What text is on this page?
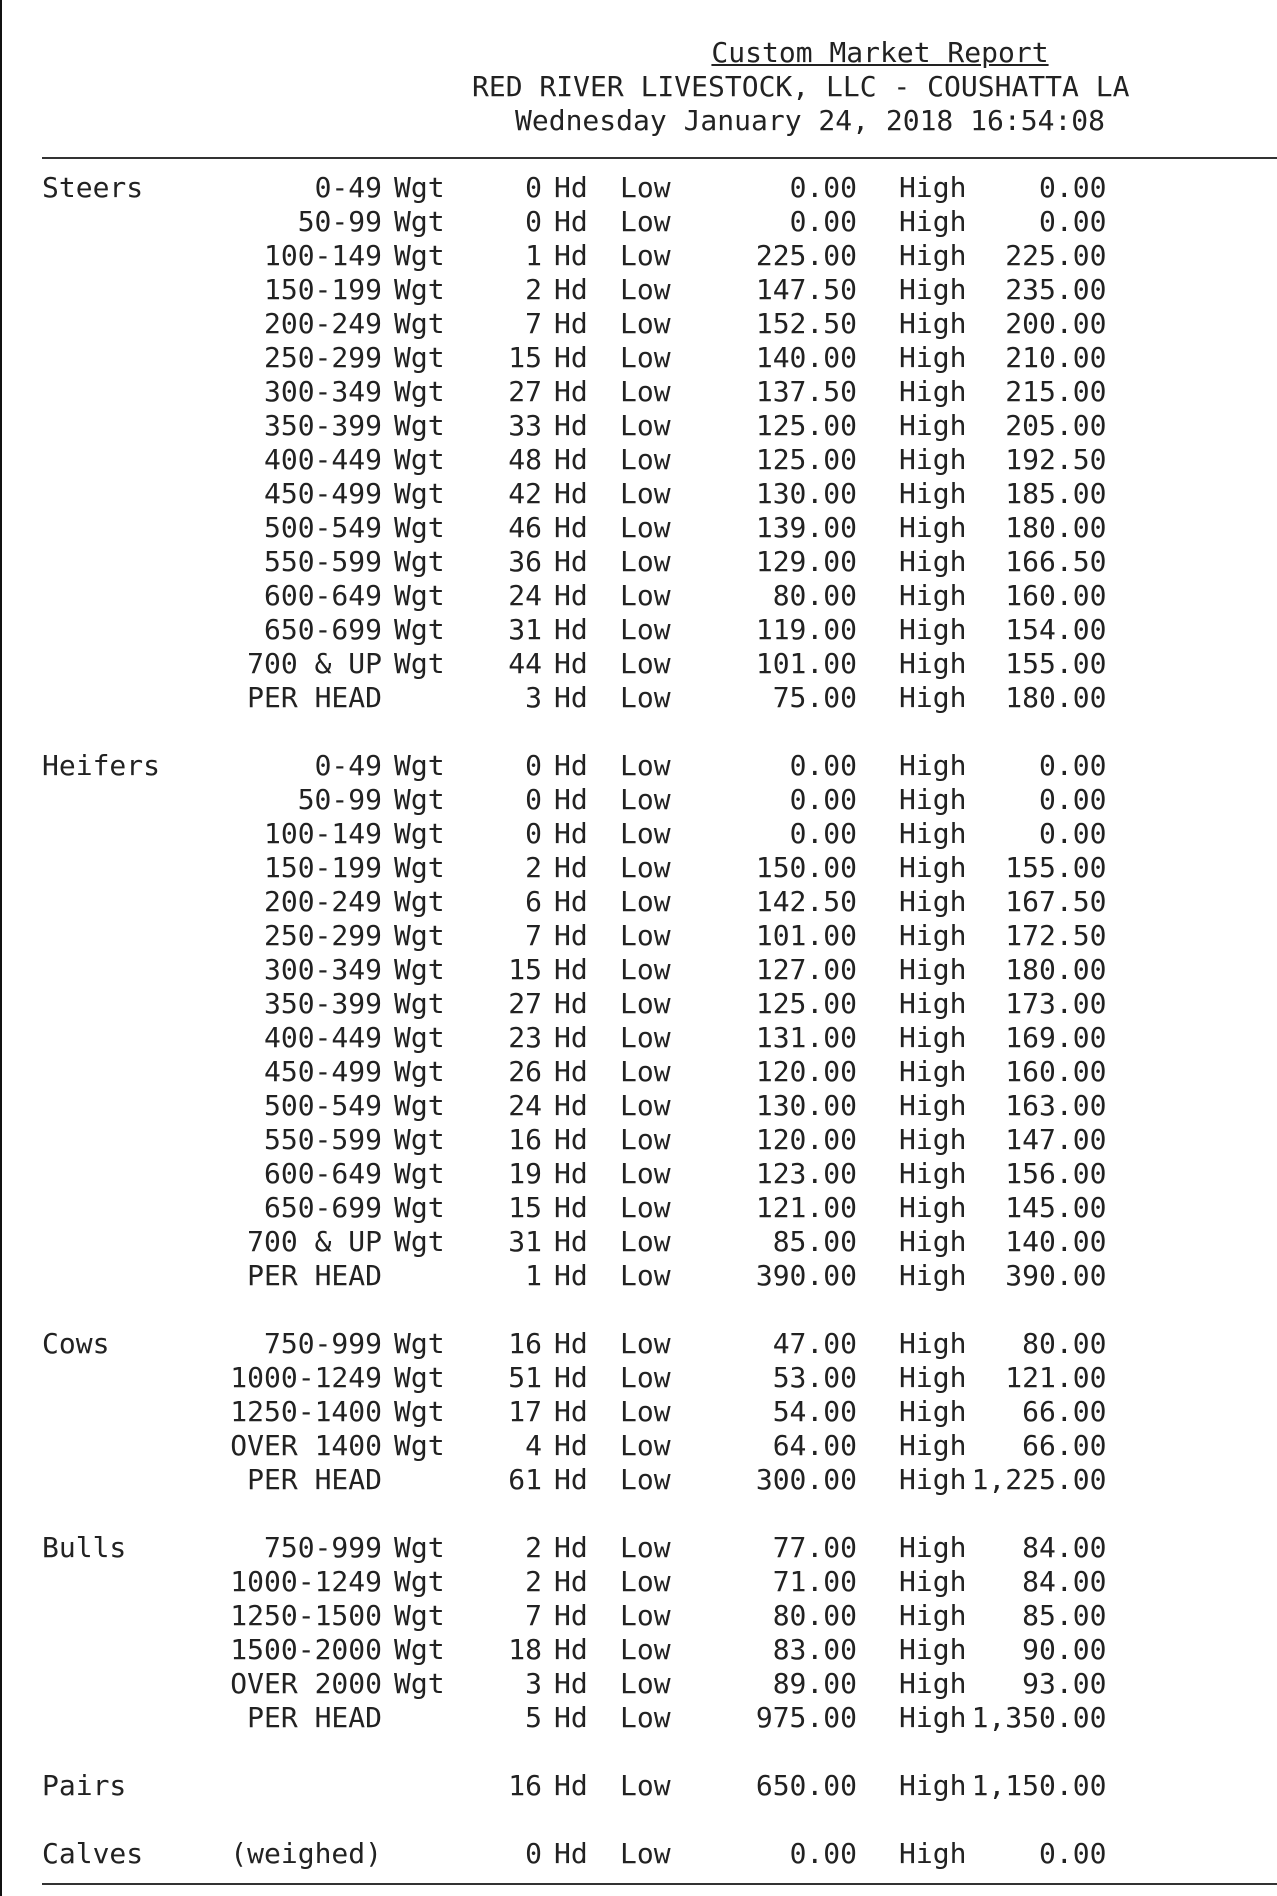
Custom Market Report
RED RIVER LIVESTOCK, LLC - COUSHATTA LA
Wednesday January 24, 2018 16:54:08
Steers	0-49	Wgt	0	Hd	Low	0.00	High	0.00
	50-99	Wgt	0	Hd	Low	0.00	High	0.00
	100-149	Wgt	1	Hd	Low	225.00	High	225.00
	150-199	Wgt	2	Hd	Low	147.50	High	235.00
	200-249	Wgt	7	Hd	Low	152.50	High	200.00
	250-299	Wgt	15	Hd	Low	140.00	High	210.00
	300-349	Wgt	27	Hd	Low	137.50	High	215.00
	350-399	Wgt	33	Hd	Low	125.00	High	205.00
	400-449	Wgt	48	Hd	Low	125.00	High	192.50
	450-499	Wgt	42	Hd	Low	130.00	High	185.00
	500-549	Wgt	46	Hd	Low	139.00	High	180.00
	550-599	Wgt	36	Hd	Low	129.00	High	166.50
	600-649	Wgt	24	Hd	Low	80.00	High	160.00
	650-699	Wgt	31	Hd	Low	119.00	High	154.00
	700 & UP	Wgt	44	Hd	Low	101.00	High	155.00
	PER HEAD		3	Hd	Low	75.00	High	180.00

Heifers	0-49	Wgt	0	Hd	Low	0.00	High	0.00
	50-99	Wgt	0	Hd	Low	0.00	High	0.00
	100-149	Wgt	0	Hd	Low	0.00	High	0.00
	150-199	Wgt	2	Hd	Low	150.00	High	155.00
	200-249	Wgt	6	Hd	Low	142.50	High	167.50
	250-299	Wgt	7	Hd	Low	101.00	High	172.50
	300-349	Wgt	15	Hd	Low	127.00	High	180.00
	350-399	Wgt	27	Hd	Low	125.00	High	173.00
	400-449	Wgt	23	Hd	Low	131.00	High	169.00
	450-499	Wgt	26	Hd	Low	120.00	High	160.00
	500-549	Wgt	24	Hd	Low	130.00	High	163.00
	550-599	Wgt	16	Hd	Low	120.00	High	147.00
	600-649	Wgt	19	Hd	Low	123.00	High	156.00
	650-699	Wgt	15	Hd	Low	121.00	High	145.00
	700 & UP	Wgt	31	Hd	Low	85.00	High	140.00
	PER HEAD		1	Hd	Low	390.00	High	390.00

Cows	750-999	Wgt	16	Hd	Low	47.00	High	80.00
	1000-1249	Wgt	51	Hd	Low	53.00	High	121.00
	1250-1400	Wgt	17	Hd	Low	54.00	High	66.00
	OVER 1400	Wgt	4	Hd	Low	64.00	High	66.00
	PER HEAD		61	Hd	Low	300.00	High	1,225.00

Bulls	750-999	Wgt	2	Hd	Low	77.00	High	84.00
	1000-1249	Wgt	2	Hd	Low	71.00	High	84.00
	1250-1500	Wgt	7	Hd	Low	80.00	High	85.00
	1500-2000	Wgt	18	Hd	Low	83.00	High	90.00
	OVER 2000	Wgt	3	Hd	Low	89.00	High	93.00
	PER HEAD		5	Hd	Low	975.00	High	1,350.00

Pairs			16	Hd	Low	650.00	High	1,150.00

Calves	(weighed)		0	Hd	Low	0.00	High	0.00
